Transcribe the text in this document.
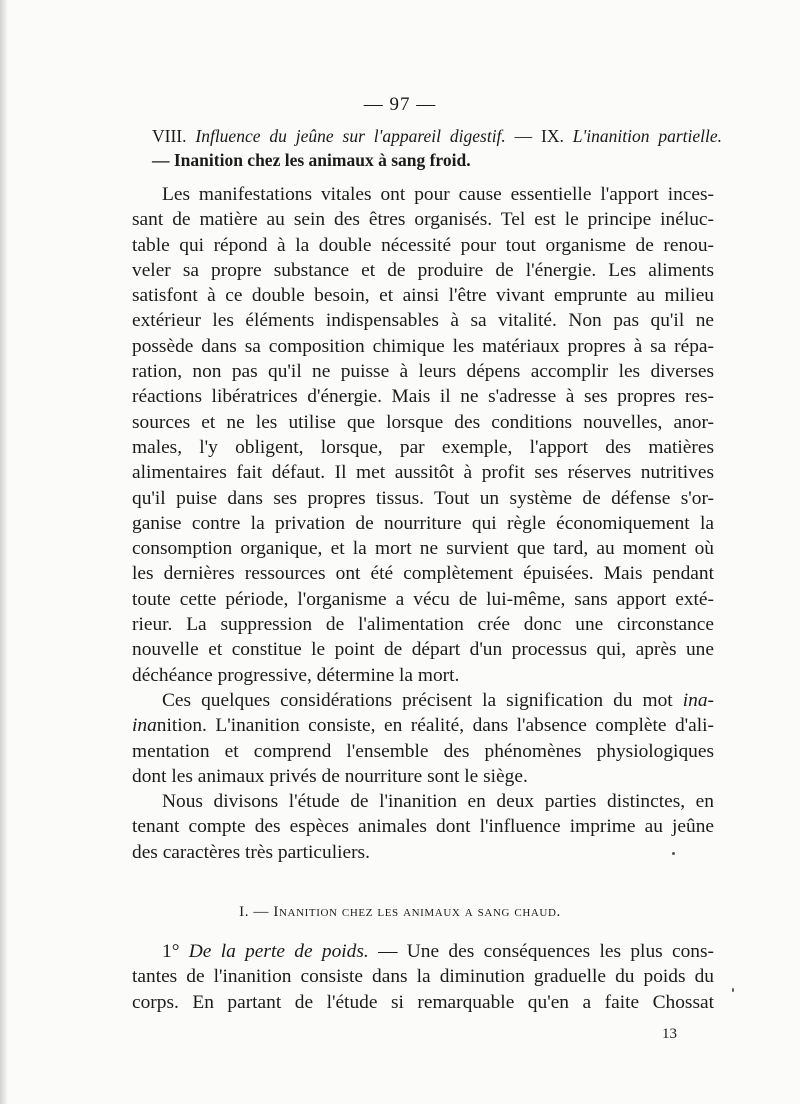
— 97 —
VIII. Influence du jeûne sur l'appareil digestif. — IX. L'inanition partielle.
— Inanition chez les animaux à sang froid.

Les manifestations vitales ont pour cause essentielle l'apport inces-

sant de matière au sein des êtres organisés. Tel est le principe inéluc-

table qui répond à la double nécessité pour tout organisme de renou-

veler sa propre substance et de produire de l'énergie. Les aliments

satisfont à ce double besoin, et ainsi l'être vivant emprunte au milieu

extérieur les éléments indispensables à sa vitalité. Non pas qu'il ne

possède dans sa composition chimique les matériaux propres à sa répa-

ration, non pas qu'il ne puisse à leurs dépens accomplir les diverses

réactions libératrices d'énergie. Mais il ne s'adresse à ses propres res-

sources et ne les utilise que lorsque des conditions nouvelles, anor-

males, l'y obligent, lorsque, par exemple, l'apport des matières

alimentaires fait défaut. Il met aussitôt à profit ses réserves nutritives

qu'il puise dans ses propres tissus. Tout un système de défense s'or-

ganise contre la privation de nourriture qui règle économiquement la

consomption organique, et la mort ne survient que tard, au moment où

les dernières ressources ont été complètement épuisées. Mais pendant

toute cette période, l'organisme a vécu de lui-même, sans apport exté-

rieur. La suppression de l'alimentation crée donc une circonstance

nouvelle et constitue le point de départ d'un processus qui, après une

déchéance progressive, détermine la mort.

Ces quelques considérations précisent la signification du mot ina-

inanition. L'inanition consiste, en réalité, dans l'absence complète d'ali-

mentation et comprend l'ensemble des phénomènes physiologiques

dont les animaux privés de nourriture sont le siège.

Nous divisons l'étude de l'inanition en deux parties distinctes, en

tenant compte des espèces animales dont l'influence imprime au jeûne

des caractères très particuliers.

I. — Inanition chez les animaux a sang chaud.

1° De la perte de poids. — Une des conséquences les plus cons-

tantes de l'inanition consiste dans la diminution graduelle du poids du

corps. En partant de l'étude si remarquable qu'en a faite Chossat

13
